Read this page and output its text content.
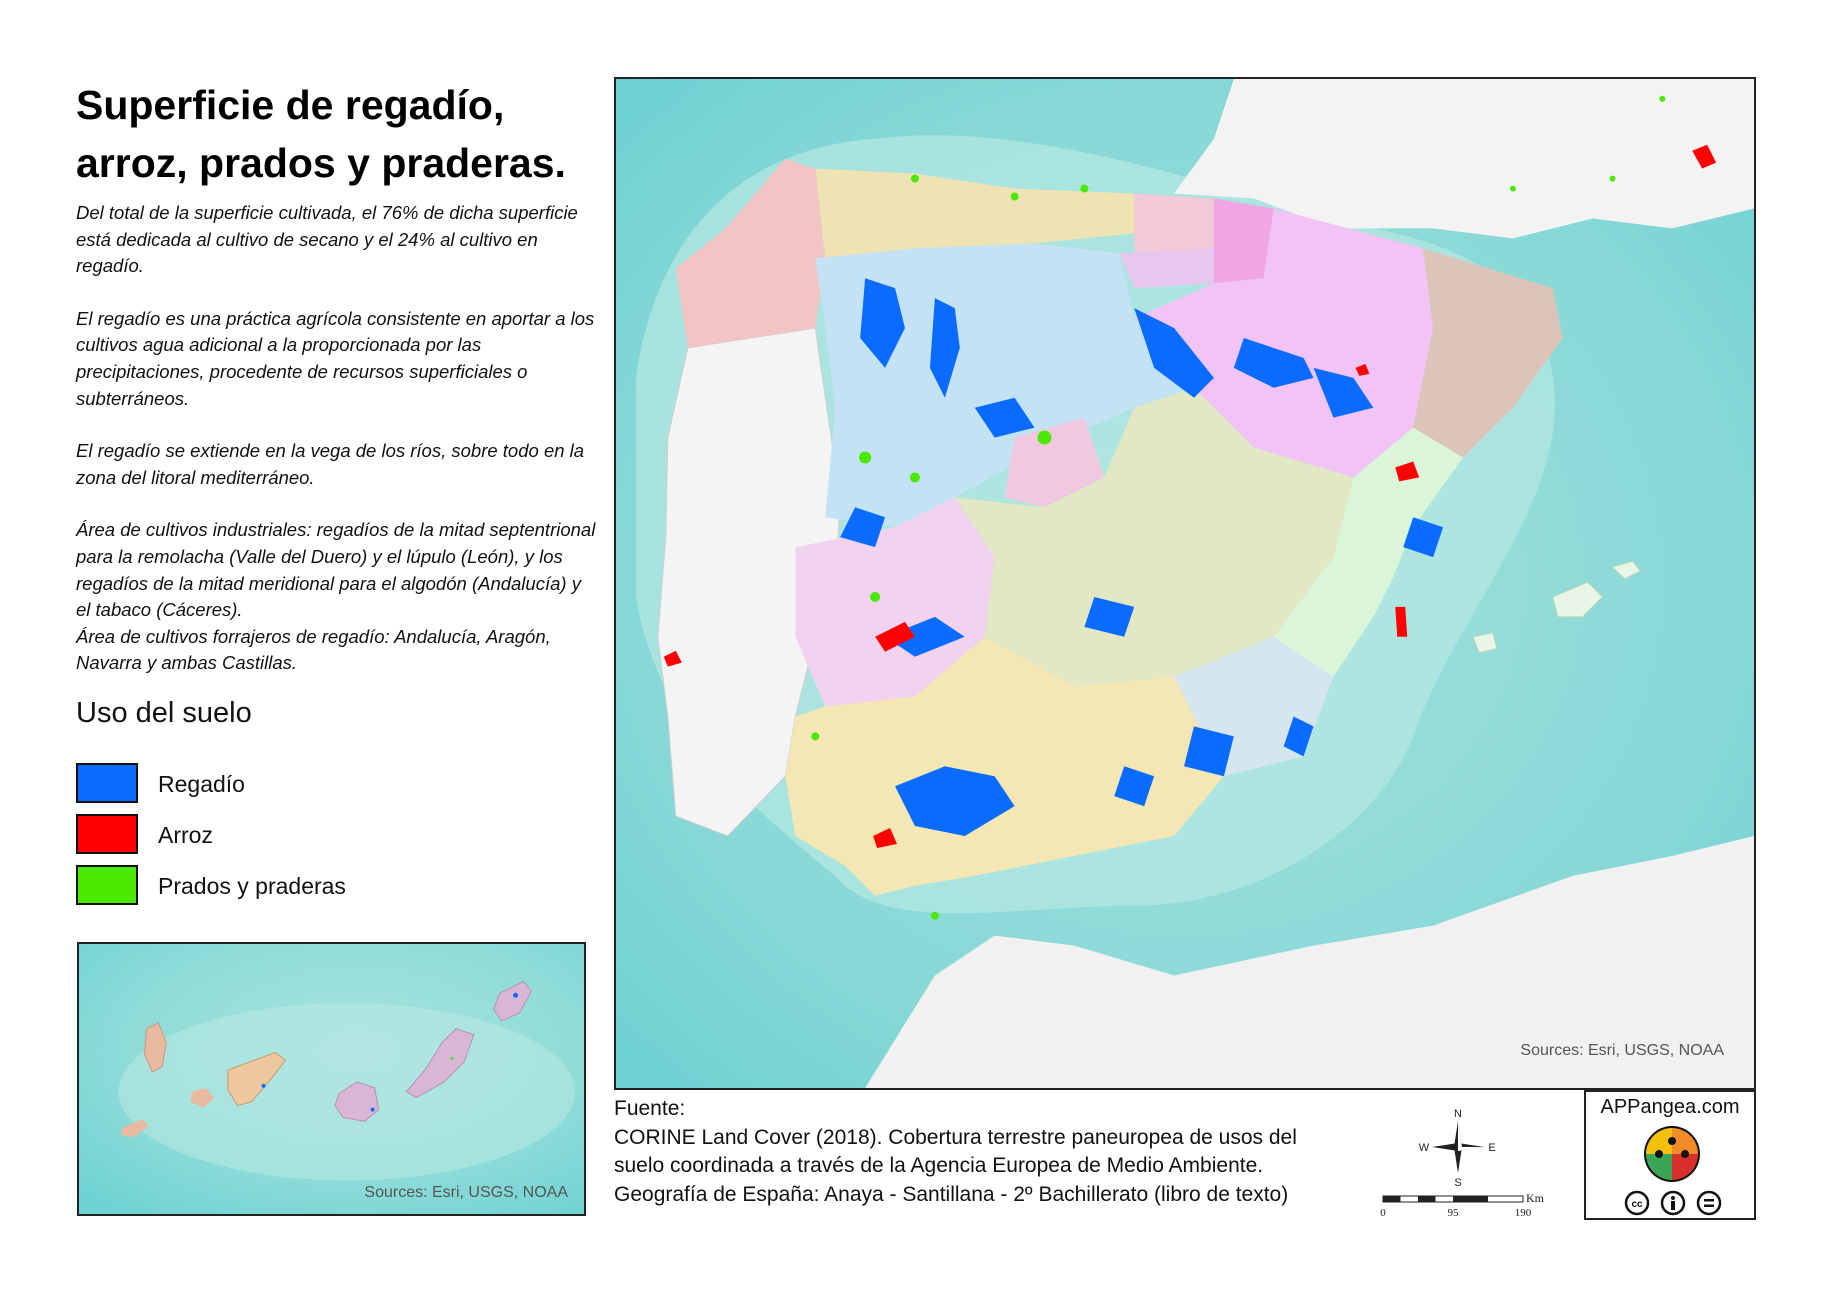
Superficie de regadío,
arroz, prados y praderas.

Del total de la superficie cultivada, el 76% de dicha superficie está dedicada al cultivo de secano y el 24% al cultivo en regadío.

El regadío es una práctica agrícola consistente en aportar a los cultivos agua adicional a la proporcionada por las precipitaciones, procedente de recursos superficiales o subterráneos.

El regadío se extiende en la vega de los ríos, sobre todo en la zona del litoral mediterráneo.

Área de cultivos industriales: regadíos de la mitad septentrional para la remolacha (Valle del Duero) y el lúpulo (León), y los regadíos de la mitad meridional para el algodón (Andalucía) y el tabaco (Cáceres).

Área de cultivos forrajeros de regadío: Andalucía, Aragón, Navarra y ambas Castillas.

Uso del suelo
Regadío
Arroz
Prados y praderas
Sources: Esri, USGS, NOAA
Sources: Esri, USGS, NOAA
Fuente:
CORINE Land Cover (2018). Cobertura terrestre paneuropea de usos del
suelo coordinada a través de la Agencia Europea de Medio Ambiente.
Geografía de España: Anaya - Santillana - 2º Bachillerato (libro de texto)
N
S
E
W
Km
0	95	190
APPangea.com
cc
